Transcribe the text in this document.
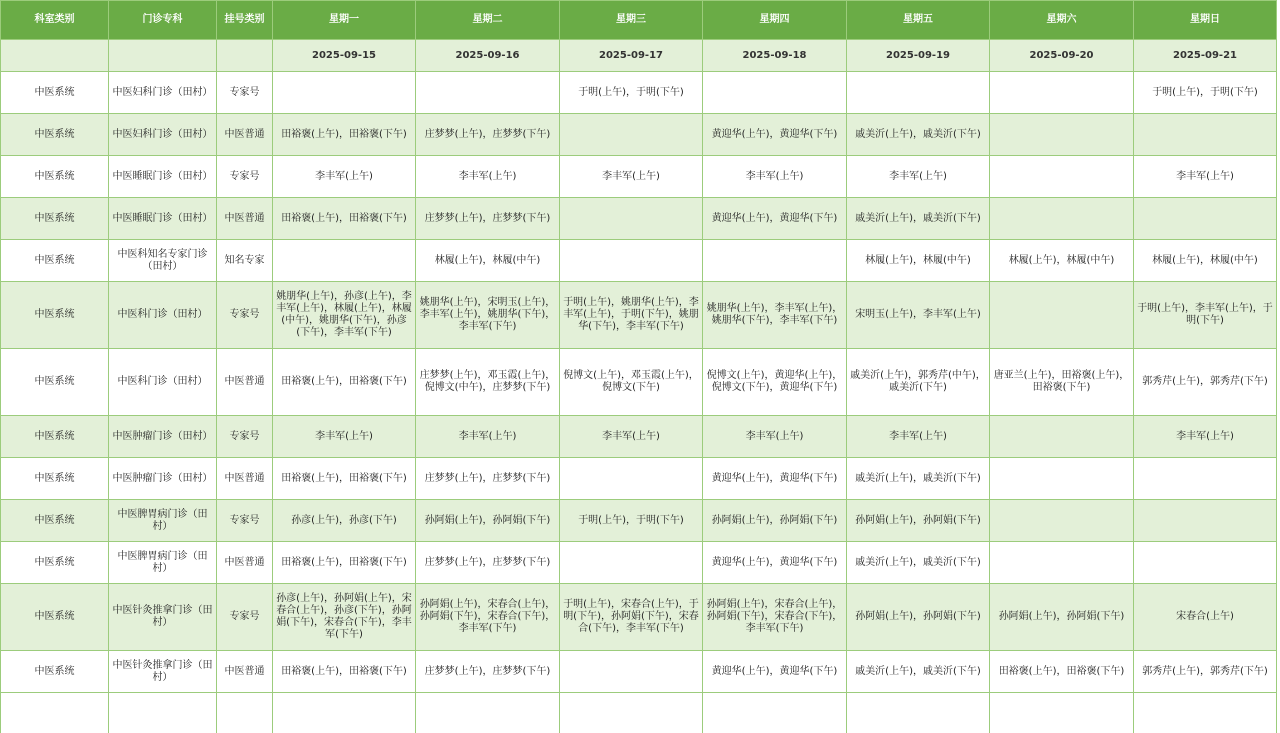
科室类别	门诊专科	挂号类别	星期一	星期二	星期三	星期四	星期五	星期六	星期日
			2025-09-15	2025-09-16	2025-09-17	2025-09-18	2025-09-19	2025-09-20	2025-09-21
中医系统	中医妇科门诊（田村）	专家号			于明(上午)，于明(下午)				于明(上午)，于明(下午)
中医系统	中医妇科门诊（田村）	中医普通	田裕褒(上午)，田裕褒(下午)	庄梦梦(上午)，庄梦梦(下午)		黄迎华(上午)，黄迎华(下午)	戚美沂(上午)，戚美沂(下午)		
中医系统	中医睡眠门诊（田村）	专家号	李丰军(上午)	李丰军(上午)	李丰军(上午)	李丰军(上午)	李丰军(上午)		李丰军(上午)
中医系统	中医睡眠门诊（田村）	中医普通	田裕褒(上午)，田裕褒(下午)	庄梦梦(上午)，庄梦梦(下午)		黄迎华(上午)，黄迎华(下午)	戚美沂(上午)，戚美沂(下午)		
中医系统	中医科知名专家门诊（田村）	知名专家		林履(上午)，林履(中午)			林履(上午)，林履(中午)	林履(上午)，林履(中午)	林履(上午)，林履(中午)
中医系统	中医科门诊（田村）	专家号	姚朋华(上午)，孙彦(上午)，李丰军(上午)，林履(上午)，林履(中午)，姚朋华(下午)，孙彦(下午)，李丰军(下午)	姚朋华(上午)，宋明玉(上午)，李丰军(上午)，姚朋华(下午)，李丰军(下午)	于明(上午)，姚朋华(上午)，李丰军(上午)，于明(下午)，姚朋华(下午)，李丰军(下午)	姚朋华(上午)，李丰军(上午)，姚朋华(下午)，李丰军(下午)	宋明玉(上午)，李丰军(上午)		于明(上午)，李丰军(上午)，于明(下午)
中医系统	中医科门诊（田村）	中医普通	田裕褒(上午)，田裕褒(下午)	庄梦梦(上午)，邓玉霞(上午)，倪博文(中午)，庄梦梦(下午)	倪博文(上午)，邓玉霞(上午)，倪博文(下午)	倪博文(上午)，黄迎华(上午)，倪博文(下午)，黄迎华(下午)	戚美沂(上午)，郭秀芹(中午)，戚美沂(下午)	唐亚兰(上午)，田裕褒(上午)，田裕褒(下午)	郭秀芹(上午)，郭秀芹(下午)
中医系统	中医肿瘤门诊（田村）	专家号	李丰军(上午)	李丰军(上午)	李丰军(上午)	李丰军(上午)	李丰军(上午)		李丰军(上午)
中医系统	中医肿瘤门诊（田村）	中医普通	田裕褒(上午)，田裕褒(下午)	庄梦梦(上午)，庄梦梦(下午)		黄迎华(上午)，黄迎华(下午)	戚美沂(上午)，戚美沂(下午)		
中医系统	中医脾胃病门诊（田村）	专家号	孙彦(上午)，孙彦(下午)	孙阿娟(上午)，孙阿娟(下午)	于明(上午)，于明(下午)	孙阿娟(上午)，孙阿娟(下午)	孙阿娟(上午)，孙阿娟(下午)		
中医系统	中医脾胃病门诊（田村）	中医普通	田裕褒(上午)，田裕褒(下午)	庄梦梦(上午)，庄梦梦(下午)		黄迎华(上午)，黄迎华(下午)	戚美沂(上午)，戚美沂(下午)		
中医系统	中医针灸推拿门诊（田村）	专家号	孙彦(上午)，孙阿娟(上午)，宋春合(上午)，孙彦(下午)，孙阿娟(下午)，宋春合(下午)，李丰军(下午)	孙阿娟(上午)，宋春合(上午)，孙阿娟(下午)，宋春合(下午)，李丰军(下午)	于明(上午)，宋春合(上午)，于明(下午)，孙阿娟(下午)，宋春合(下午)，李丰军(下午)	孙阿娟(上午)，宋春合(上午)，孙阿娟(下午)，宋春合(下午)，李丰军(下午)	孙阿娟(上午)，孙阿娟(下午)	孙阿娟(上午)，孙阿娟(下午)	宋春合(上午)
中医系统	中医针灸推拿门诊（田村）	中医普通	田裕褒(上午)，田裕褒(下午)	庄梦梦(上午)，庄梦梦(下午)		黄迎华(上午)，黄迎华(下午)	戚美沂(上午)，戚美沂(下午)	田裕褒(上午)，田裕褒(下午)	郭秀芹(上午)，郭秀芹(下午)
